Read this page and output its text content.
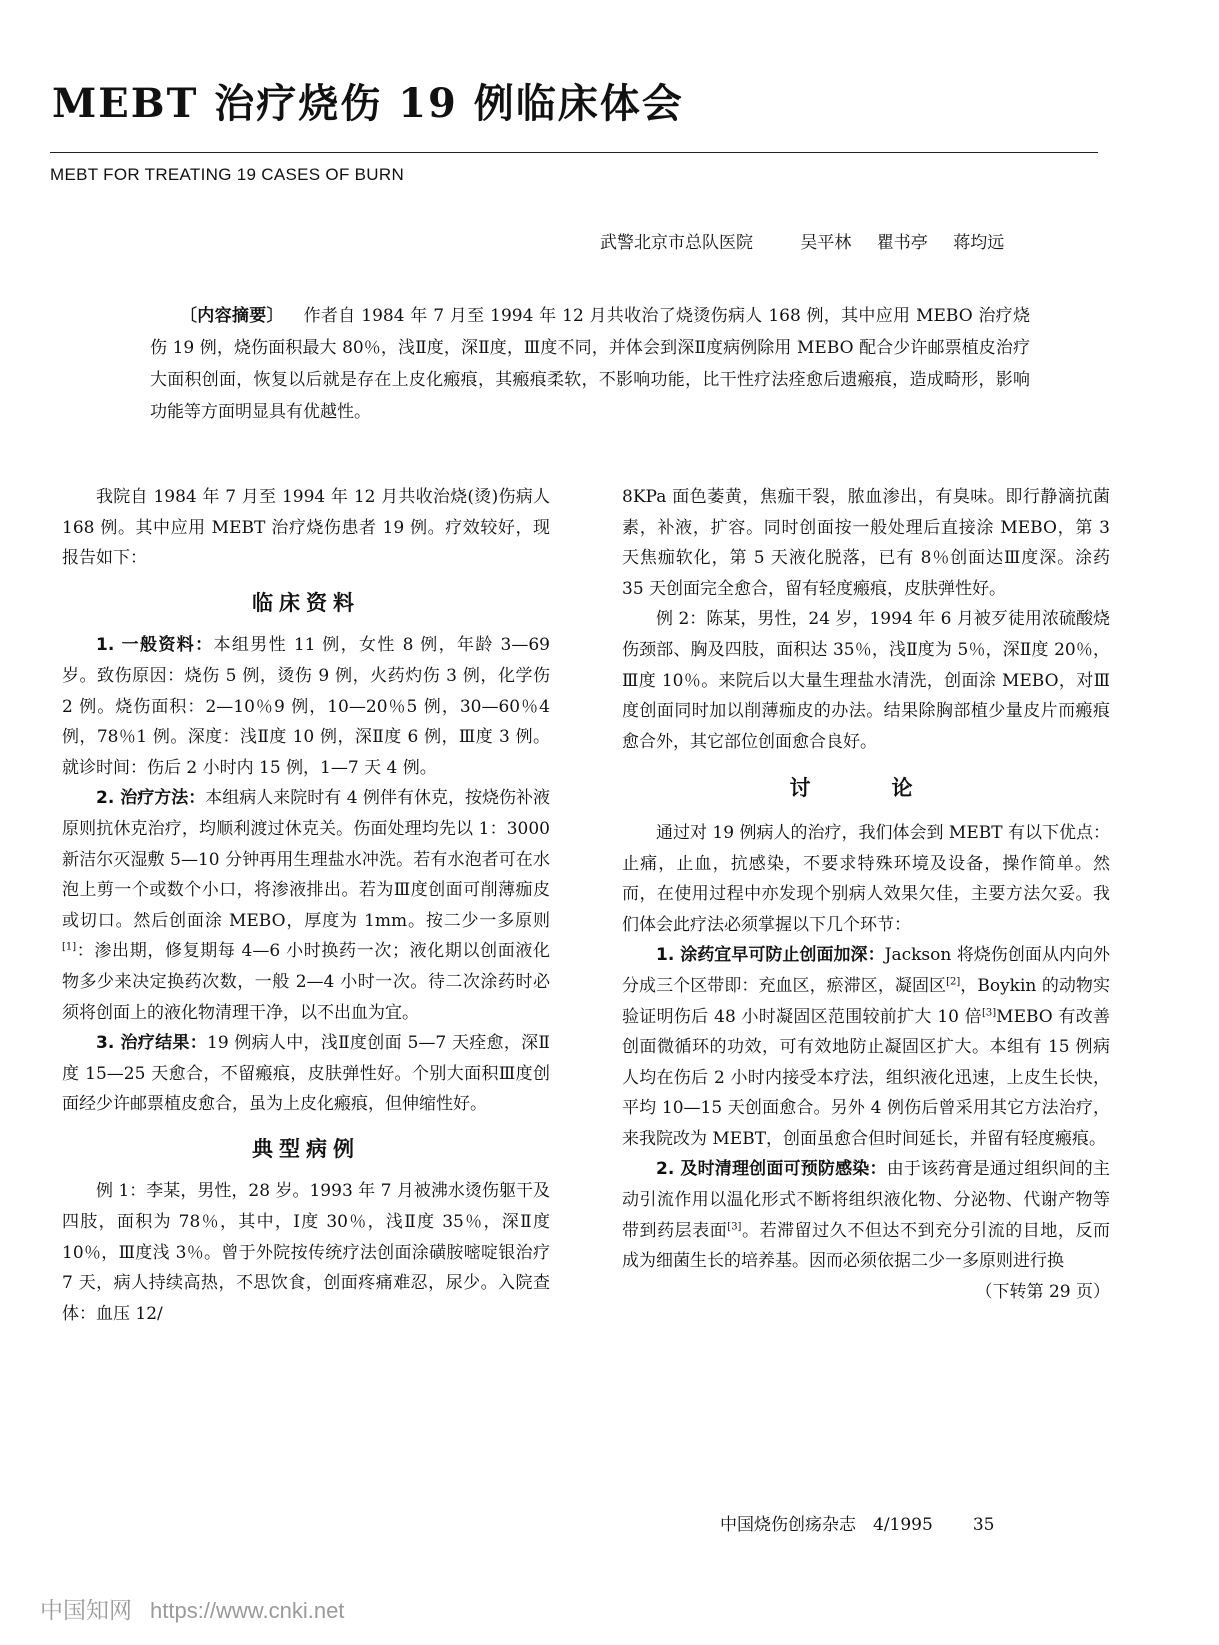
MEBT 治疗烧伤 19 例临床体会
MEBT FOR TREATING 19 CASES OF BURN
武警北京市总队医院	吴平林 瞿书亭 蒋均远
〔内容摘要〕 作者自 1984 年 7 月至 1994 年 12 月共收治了烧烫伤病人 168 例，其中应用 MEBO 治疗烧伤 19 例，烧伤面积最大 80％，浅Ⅱ度，深Ⅱ度，Ⅲ度不同，并体会到深Ⅱ度病例除用 MEBO 配合少许邮票植皮治疗大面积创面，恢复以后就是存在上皮化瘢痕，其瘢痕柔软，不影响功能，比干性疗法痊愈后遗瘢痕，造成畸形，影响功能等方面明显具有优越性。

我院自 1984 年 7 月至 1994 年 12 月共收治烧(烫)伤病人 168 例。其中应用 MEBT 治疗烧伤患者 19 例。疗效较好，现报告如下：

临床资料

1. 一般资料：本组男性 11 例，女性 8 例，年龄 3—69 岁。致伤原因：烧伤 5 例，烫伤 9 例，火药灼伤 3 例，化学伤 2 例。烧伤面积：2—10％9 例，10—20％5 例，30—60％4 例，78％1 例。深度：浅Ⅱ度 10 例，深Ⅱ度 6 例，Ⅲ度 3 例。就诊时间：伤后 2 小时内 15 例，1—7 天 4 例。

2. 治疗方法：本组病人来院时有 4 例伴有休克，按烧伤补液原则抗休克治疗，均顺利渡过休克关。伤面处理均先以 1：3000 新洁尔灭湿敷 5—10 分钟再用生理盐水冲洗。若有水泡者可在水泡上剪一个或数个小口，将渗液排出。若为Ⅲ度创面可削薄痂皮或切口。然后创面涂 MEBO，厚度为 1mm。按二少一多原则[1]：渗出期，修复期每 4—6 小时换药一次；液化期以创面液化物多少来决定换药次数，一般 2—4 小时一次。待二次涂药时必须将创面上的液化物清理干净，以不出血为宜。

3. 治疗结果：19 例病人中，浅Ⅱ度创面 5—7 天痊愈，深Ⅱ度 15—25 天愈合，不留瘢痕，皮肤弹性好。个别大面积Ⅲ度创面经少许邮票植皮愈合，虽为上皮化瘢痕，但伸缩性好。

典型病例

例 1：李某，男性，28 岁。1993 年 7 月被沸水烫伤躯干及四肢，面积为 78％，其中，Ⅰ度 30％，浅Ⅱ度 35％，深Ⅱ度 10％，Ⅲ度浅 3％。曾于外院按传统疗法创面涂磺胺嘧啶银治疗 7 天，病人持续高热，不思饮食，创面疼痛难忍，尿少。入院查体：血压 12/

8KPa 面色萎黄，焦痂干裂，脓血渗出，有臭味。即行静滴抗菌素，补液，扩容。同时创面按一般处理后直接涂 MEBO，第 3 天焦痂软化，第 5 天液化脱落，已有 8％创面达Ⅲ度深。涂药 35 天创面完全愈合，留有轻度瘢痕，皮肤弹性好。

例 2：陈某，男性，24 岁，1994 年 6 月被歹徒用浓硫酸烧伤颈部、胸及四肢，面积达 35％，浅Ⅱ度为 5％，深Ⅱ度 20％，Ⅲ度 10％。来院后以大量生理盐水清洗，创面涂 MEBO，对Ⅲ度创面同时加以削薄痂皮的办法。结果除胸部植少量皮片而瘢痕愈合外，其它部位创面愈合良好。

讨　论

通过对 19 例病人的治疗，我们体会到 MEBT 有以下优点：止痛，止血，抗感染，不要求特殊环境及设备，操作简单。然而，在使用过程中亦发现个别病人效果欠佳，主要方法欠妥。我们体会此疗法必须掌握以下几个环节：

1. 涂药宜早可防止创面加深：Jackson 将烧伤创面从内向外分成三个区带即：充血区，瘀滞区，凝固区[2]，Boykin 的动物实验证明伤后 48 小时凝固区范围较前扩大 10 倍[3]MEBO 有改善创面微循环的功效，可有效地防止凝固区扩大。本组有 15 例病人均在伤后 2 小时内接受本疗法，组织液化迅速，上皮生长快，平均 10—15 天创面愈合。另外 4 例伤后曾采用其它方法治疗，来我院改为 MEBT，创面虽愈合但时间延长，并留有轻度瘢痕。

2. 及时清理创面可预防感染：由于该药膏是通过组织间的主动引流作用以温化形式不断将组织液化物、分泌物、代谢产物等带到药层表面[3]。若滞留过久不但达不到充分引流的目地，反而成为细菌生长的培养基。因而必须依据二少一多原则进行换

（下转第 29 页）
中国烧伤创疡杂志　4/1995 35
中国知网 https://www.cnki.net
